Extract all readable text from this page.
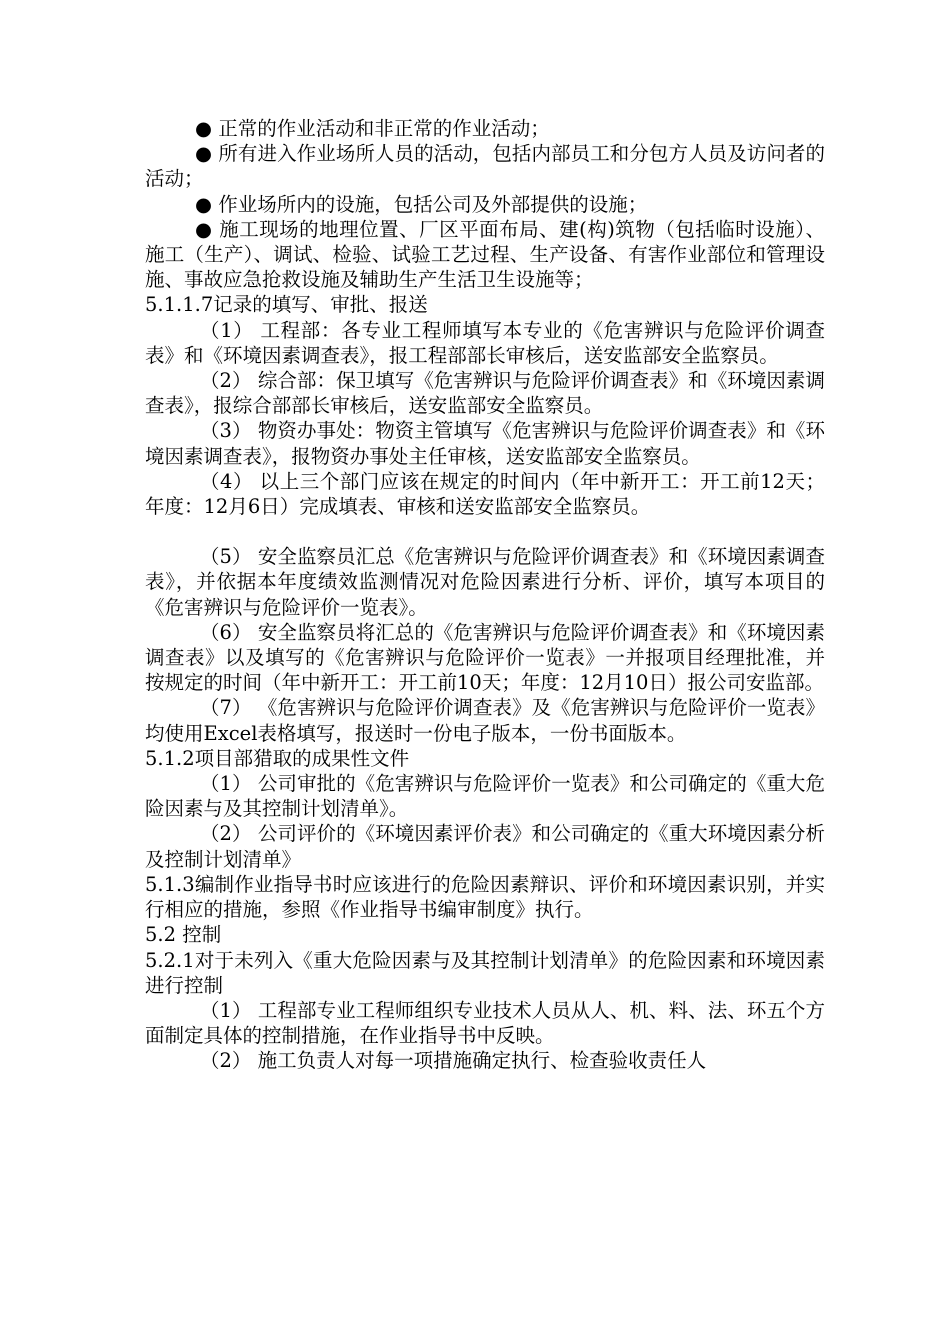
● 正常的作业活动和非正常的作业活动；

● 所有进入作业场所人员的活动，包括内部员工和分包方人员及访问者的活动；

● 作业场所内的设施，包括公司及外部提供的设施；

● 施工现场的地理位置、厂区平面布局、建(构)筑物（包括临时设施）、施工（生产）、调试、检验、试验工艺过程、生产设备、有害作业部位和管理设施、事故应急抢救设施及辅助生产生活卫生设施等；

5.1.1.7记录的填写、审批、报送

（1） 工程部：各专业工程师填写本专业的《危害辨识与危险评价调查表》和《环境因素调查表》，报工程部部长审核后，送安监部安全监察员。

（2） 综合部：保卫填写《危害辨识与危险评价调查表》和《环境因素调查表》，报综合部部长审核后，送安监部安全监察员。

（3） 物资办事处：物资主管填写《危害辨识与危险评价调查表》和《环境因素调查表》，报物资办事处主任审核，送安监部安全监察员。

（4） 以上三个部门应该在规定的时间内（年中新开工：开工前12天；年度：12月6日）完成填表、审核和送安监部安全监察员。

（5） 安全监察员汇总《危害辨识与危险评价调查表》和《环境因素调查表》，并依据本年度绩效监测情况对危险因素进行分析、评价，填写本项目的《危害辨识与危险评价一览表》。

（6） 安全监察员将汇总的《危害辨识与危险评价调查表》和《环境因素调查表》以及填写的《危害辨识与危险评价一览表》一并报项目经理批准，并按规定的时间（年中新开工：开工前10天；年度：12月10日）报公司安监部。

（7） 《危害辨识与危险评价调查表》及《危害辨识与危险评价一览表》均使用Excel表格填写，报送时一份电子版本，一份书面版本。

5.1.2项目部猎取的成果性文件

（1） 公司审批的《危害辨识与危险评价一览表》和公司确定的《重大危险因素与及其控制计划清单》。

（2） 公司评价的《环境因素评价表》和公司确定的《重大环境因素分析及控制计划清单》

5.1.3编制作业指导书时应该进行的危险因素辩识、评价和环境因素识别，并实行相应的措施，参照《作业指导书编审制度》执行。

5.2 控制

5.2.1对于未列入《重大危险因素与及其控制计划清单》的危险因素和环境因素进行控制

（1） 工程部专业工程师组织专业技术人员从人、机、料、法、环五个方面制定具体的控制措施，在作业指导书中反映。

（2） 施工负责人对每一项措施确定执行、检查验收责任人
